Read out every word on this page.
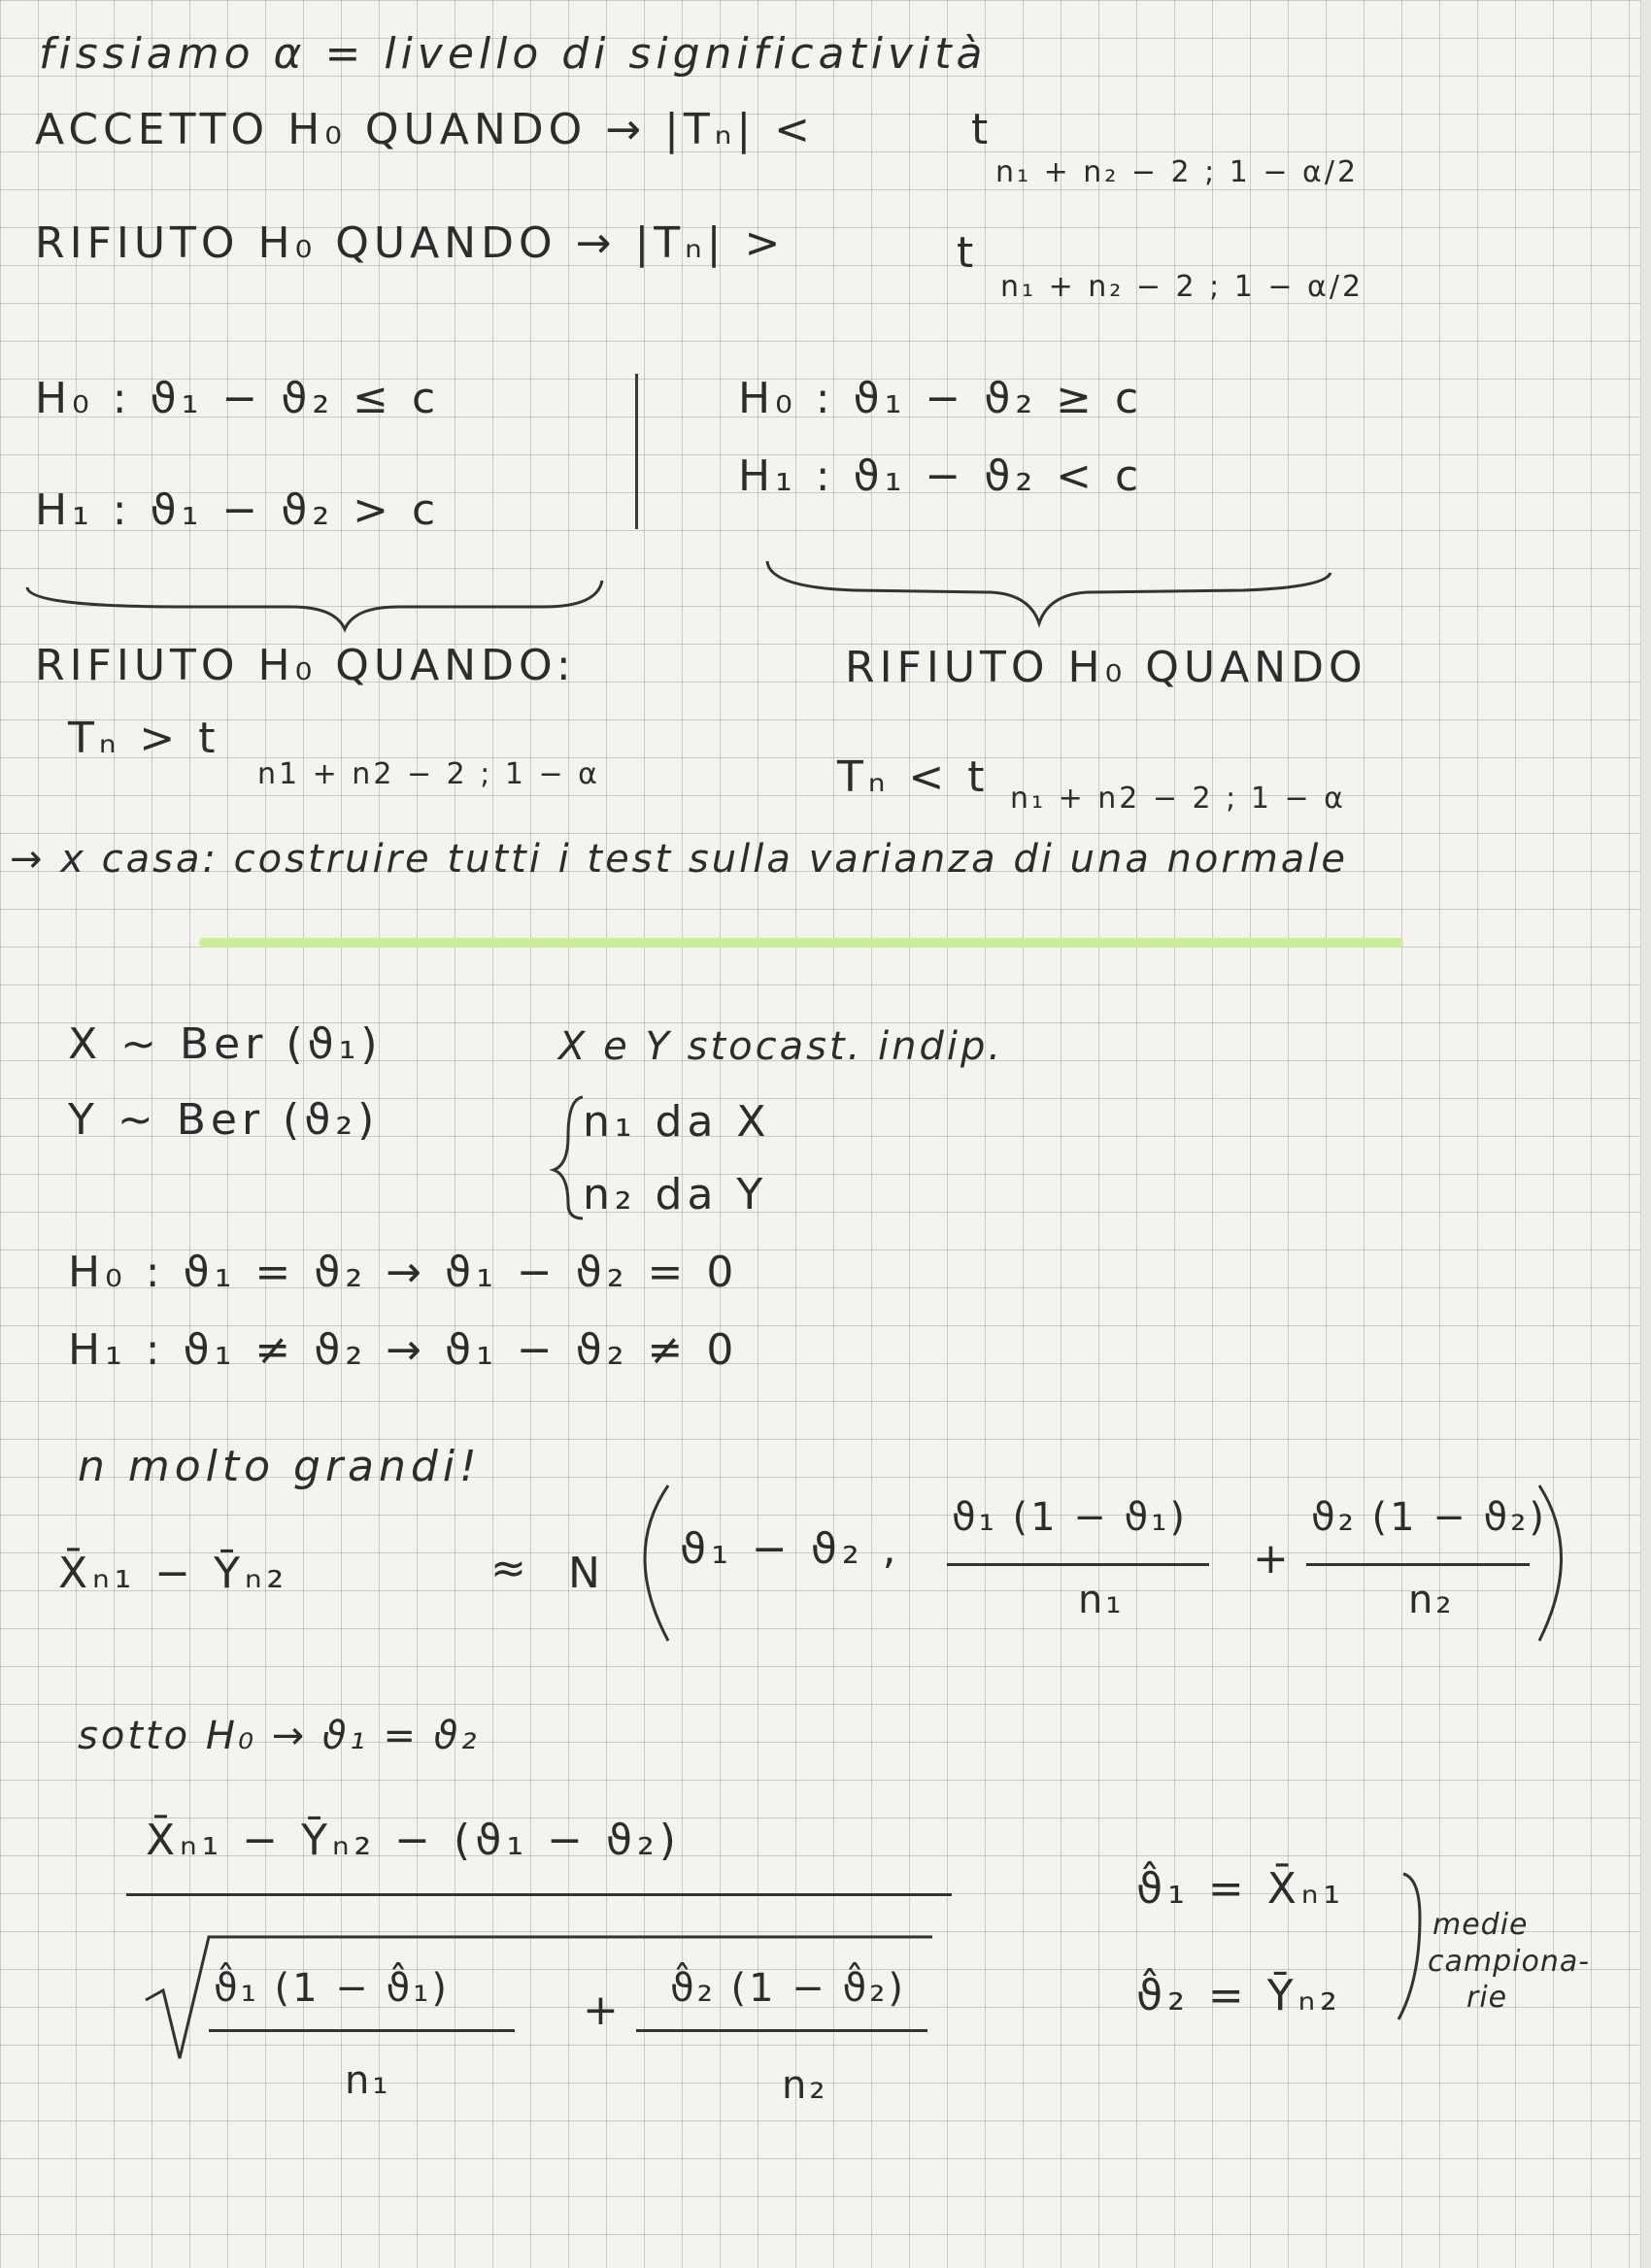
fissiamo α = livello di significatività
ACCETTO H₀ QUANDO → |Tₙ| <	t
n₁ + n₂ − 2 ; 1 − α/2
RIFIUTO H₀ QUANDO → |Tₙ| >	t
n₁ + n₂ − 2 ; 1 − α/2
H₀ : ϑ₁ − ϑ₂ ≤ c
H₁ : ϑ₁ − ϑ₂ > c
H₀ : ϑ₁ − ϑ₂ ≥ c
H₁ : ϑ₁ − ϑ₂ < c
RIFIUTO H₀ QUANDO:
Tₙ > t
n1 + n2 − 2 ; 1 − α
RIFIUTO H₀ QUANDO
Tₙ < t n₁ + n2 − 2 ; 1 − α
→ x casa: costruire tutti i test sulla varianza di una normale
X ~ Ber (ϑ₁)
Y ~ Ber (ϑ₂)
X e Y stocast. indip.
n₁ da X
n₂ da Y
H₀ : ϑ₁ = ϑ₂ → ϑ₁ − ϑ₂ = 0
H₁ : ϑ₁ ≠ ϑ₂ → ϑ₁ − ϑ₂ ≠ 0
n molto grandi!
X̄ₙ₁ − Ȳₙ₂	≈ N ϑ₁ − ϑ₂ ,
ϑ₁ (1 − ϑ₁)
n₁
+
ϑ₂ (1 − ϑ₂)
n₂
sotto H₀ → ϑ₁ = ϑ₂
X̄ₙ₁ − Ȳₙ₂ − (ϑ₁ − ϑ₂)
ϑ̂₁ (1 − ϑ̂₁)
n₁
+ ϑ̂₂ (1 − ϑ̂₂)
n₂
ϑ̂₁ = X̄ₙ₁
ϑ̂₂ = Ȳₙ₂
medie
campiona-
rie
